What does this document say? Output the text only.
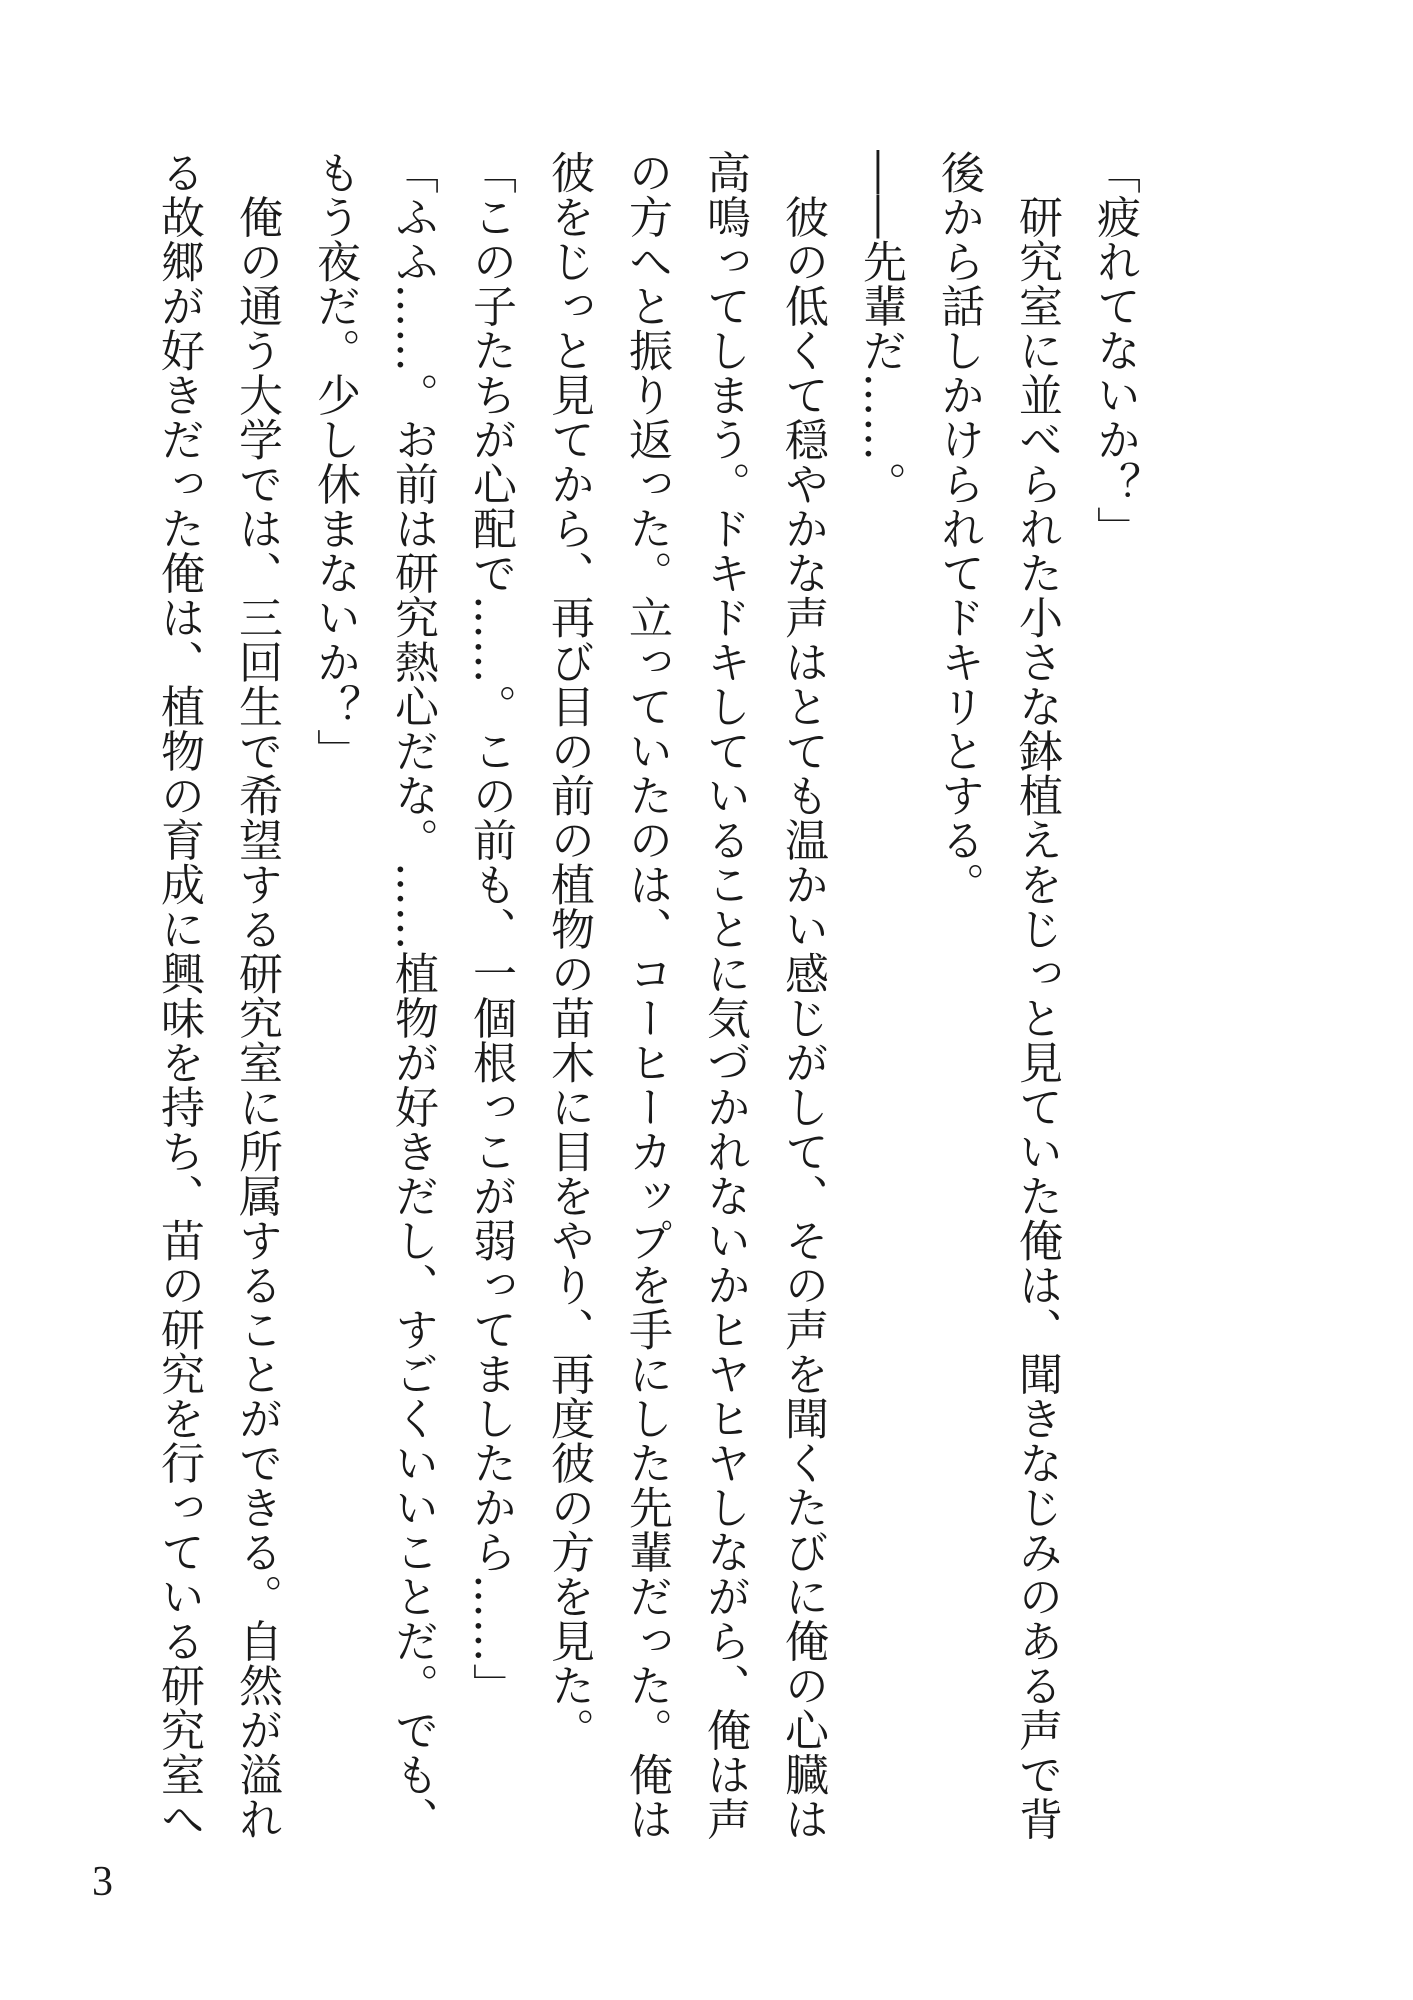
「疲れてないか？」
　研究室に並べられた小さな鉢植えをじっと見ていた俺は、聞きなじみのある声で背
後から話しかけられてドキリとする。
――先輩だ……。
　彼の低くて穏やかな声はとても温かい感じがして、その声を聞くたびに俺の心臓は
高鳴ってしまう。ドキドキしていることに気づかれないかヒヤヒヤしながら、俺は声
の方へと振り返った。立っていたのは、コーヒーカップを手にした先輩だった。俺は
彼をじっと見てから、再び目の前の植物の苗木に目をやり、再度彼の方を見た。
「この子たちが心配で……。この前も、一個根っこが弱ってましたから……」
「ふふ……。お前は研究熱心だな。……植物が好きだし、すごくいいことだ。でも、
もう夜だ。少し休まないか？」
　俺の通う大学では、三回生で希望する研究室に所属することができる。自然が溢れ
る故郷が好きだった俺は、植物の育成に興味を持ち、苗の研究を行っている研究室へ
3
